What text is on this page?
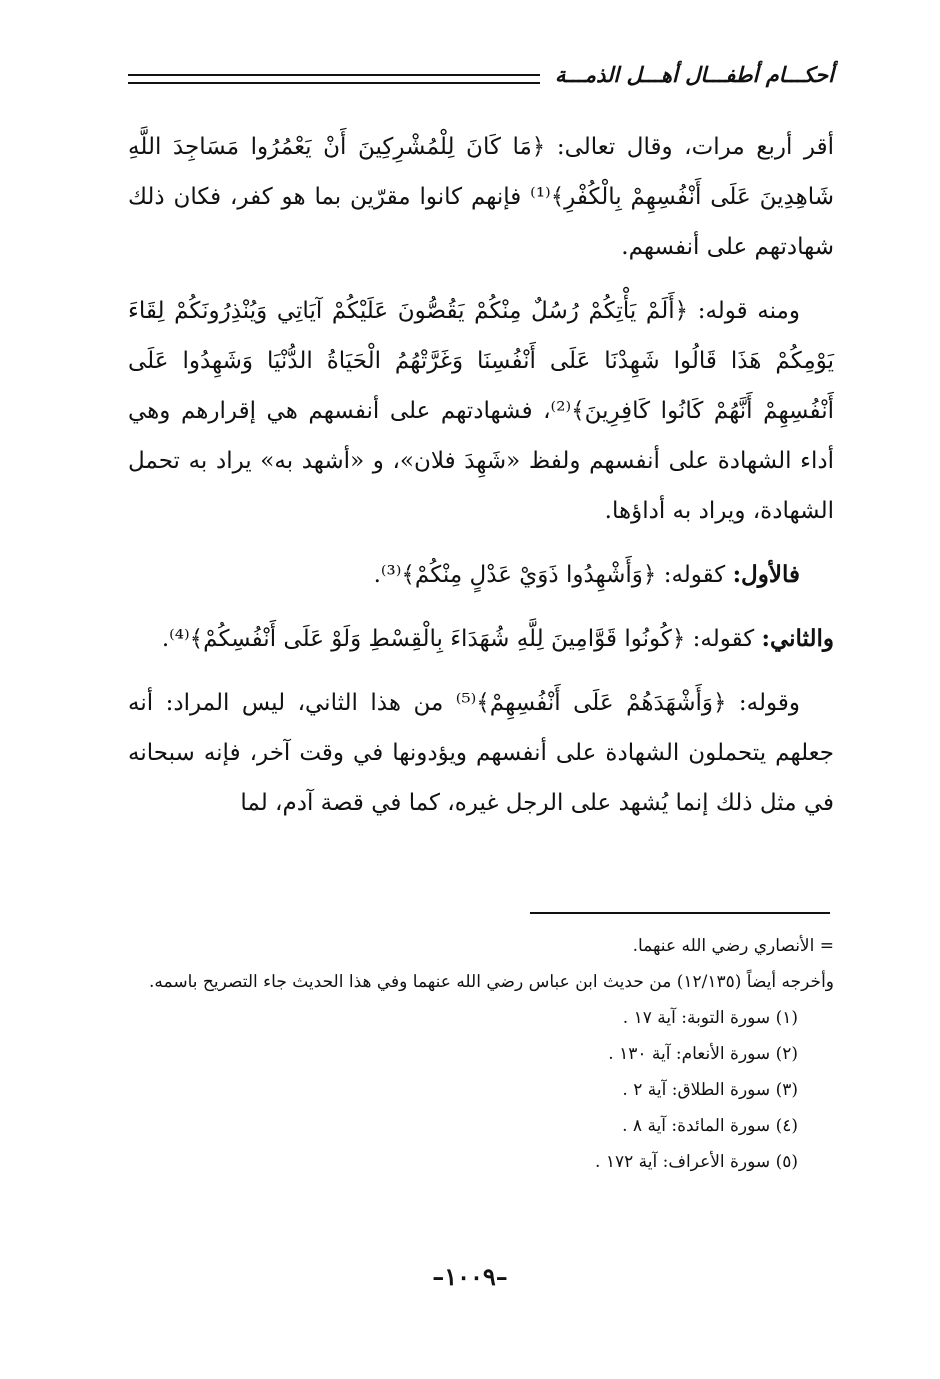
أحكـــام أطفـــال أهـــل الذمـــة

أقر أربع مرات، وقال تعالى: ﴿مَا كَانَ لِلْمُشْرِكِينَ أَنْ يَعْمُرُوا مَسَاجِدَ اللَّهِ شَاهِدِينَ عَلَى أَنْفُسِهِمْ بِالْكُفْرِ﴾⁽¹⁾ فإنهم كانوا مقرّين بما هو كفر، فكان ذلك شهادتهم على أنفسهم.

ومنه قوله: ﴿أَلَمْ يَأْتِكُمْ رُسُلٌ مِنْكُمْ يَقُصُّونَ عَلَيْكُمْ آيَاتِي وَيُنْذِرُونَكُمْ لِقَاءَ يَوْمِكُمْ هَذَا قَالُوا شَهِدْنَا عَلَى أَنْفُسِنَا وَغَرَّتْهُمُ الْحَيَاةُ الدُّنْيَا وَشَهِدُوا عَلَى أَنْفُسِهِمْ أَنَّهُمْ كَانُوا كَافِرِينَ﴾⁽²⁾، فشهادتهم على أنفسهم هي إقرارهم وهي أداء الشهادة على أنفسهم ولفظ «شَهِدَ فلان»، و «أشهد به» يراد به تحمل الشهادة، ويراد به أداؤها.

فالأول: كقوله: ﴿وَأَشْهِدُوا ذَوَيْ عَدْلٍ مِنْكُمْ﴾⁽³⁾.

والثاني: كقوله: ﴿كُونُوا قَوَّامِينَ لِلَّهِ شُهَدَاءَ بِالْقِسْطِ وَلَوْ عَلَى أَنْفُسِكُمْ﴾⁽⁴⁾.

وقوله: ﴿وَأَشْهَدَهُمْ عَلَى أَنْفُسِهِمْ﴾⁽⁵⁾ من هذا الثاني، ليس المراد: أنه جعلهم يتحملون الشهادة على أنفسهم ويؤدونها في وقت آخر، فإنه سبحانه في مثل ذلك إنما يُشهد على الرجل غيره، كما في قصة آدم، لما

= الأنصاري رضي الله عنهما.
وأخرجه أيضاً (١٢/١٣٥) من حديث ابن عباس رضي الله عنهما وفي هذا الحديث جاء التصريح باسمه.
(١) سورة التوبة: آية ١٧ .
(٢) سورة الأنعام: آية ١٣٠ .
(٣) سورة الطلاق: آية ٢ .
(٤) سورة المائدة: آية ٨ .
(٥) سورة الأعراف: آية ١٧٢ .
–١٠٠٩–
